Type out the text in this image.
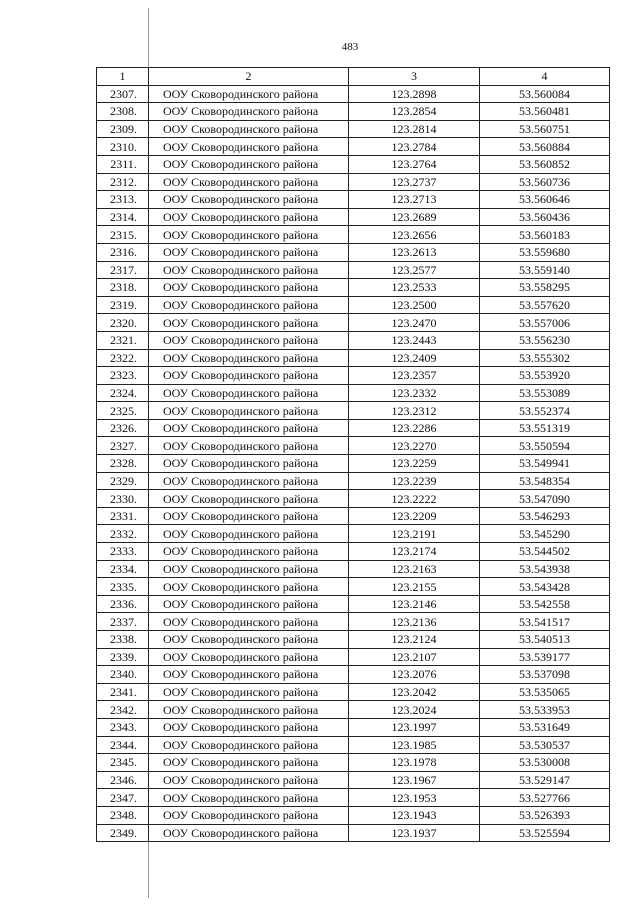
483
1	2	3	4
2307.	ООУ Сковородинского района	123.2898	53.560084
2308.	ООУ Сковородинского района	123.2854	53.560481
2309.	ООУ Сковородинского района	123.2814	53.560751
2310.	ООУ Сковородинского района	123.2784	53.560884
2311.	ООУ Сковородинского района	123.2764	53.560852
2312.	ООУ Сковородинского района	123.2737	53.560736
2313.	ООУ Сковородинского района	123.2713	53.560646
2314.	ООУ Сковородинского района	123.2689	53.560436
2315.	ООУ Сковородинского района	123.2656	53.560183
2316.	ООУ Сковородинского района	123.2613	53.559680
2317.	ООУ Сковородинского района	123.2577	53.559140
2318.	ООУ Сковородинского района	123.2533	53.558295
2319.	ООУ Сковородинского района	123.2500	53.557620
2320.	ООУ Сковородинского района	123.2470	53.557006
2321.	ООУ Сковородинского района	123.2443	53.556230
2322.	ООУ Сковородинского района	123.2409	53.555302
2323.	ООУ Сковородинского района	123.2357	53.553920
2324.	ООУ Сковородинского района	123.2332	53.553089
2325.	ООУ Сковородинского района	123.2312	53.552374
2326.	ООУ Сковородинского района	123.2286	53.551319
2327.	ООУ Сковородинского района	123.2270	53.550594
2328.	ООУ Сковородинского района	123.2259	53.549941
2329.	ООУ Сковородинского района	123.2239	53.548354
2330.	ООУ Сковородинского района	123.2222	53.547090
2331.	ООУ Сковородинского района	123.2209	53.546293
2332.	ООУ Сковородинского района	123.2191	53.545290
2333.	ООУ Сковородинского района	123.2174	53.544502
2334.	ООУ Сковородинского района	123.2163	53.543938
2335.	ООУ Сковородинского района	123.2155	53.543428
2336.	ООУ Сковородинского района	123.2146	53.542558
2337.	ООУ Сковородинского района	123.2136	53.541517
2338.	ООУ Сковородинского района	123.2124	53.540513
2339.	ООУ Сковородинского района	123.2107	53.539177
2340.	ООУ Сковородинского района	123.2076	53.537098
2341.	ООУ Сковородинского района	123.2042	53.535065
2342.	ООУ Сковородинского района	123.2024	53.533953
2343.	ООУ Сковородинского района	123.1997	53.531649
2344.	ООУ Сковородинского района	123.1985	53.530537
2345.	ООУ Сковородинского района	123.1978	53.530008
2346.	ООУ Сковородинского района	123.1967	53.529147
2347.	ООУ Сковородинского района	123.1953	53.527766
2348.	ООУ Сковородинского района	123.1943	53.526393
2349.	ООУ Сковородинского района	123.1937	53.525594
